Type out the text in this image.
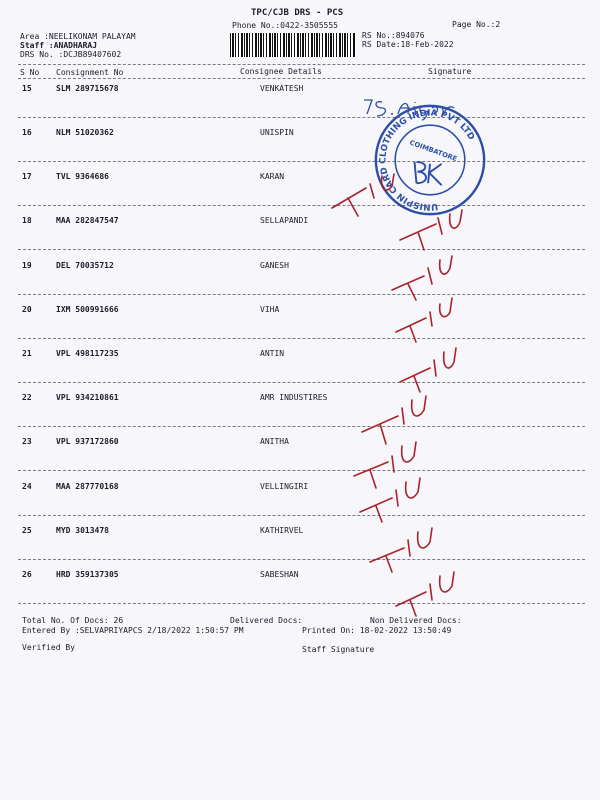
TPC/CJB DRS - PCS
Phone No.:0422-3505555	Page No.:2
Area :NEELIKONAM PALAYAM
Staff :ANADHARAJ
DRS No. :DCJB89407602
RS No.:894076
RS Date:18-Feb-2022
S No Consignment No	Consignee Details	Signature
15	SLM 289715678	VENKATESH
16	NLM 51020362	UNISPIN
17	TVL 9364686	KARAN
18	MAA 282847547	SELLAPANDI
19	DEL 70035712	GANESH
20	IXM 500991666	VIHA
21	VPL 498117235	ANTIN
22	VPL 934210861	AMR INDUSTIRES
23	VPL 937172860	ANITHA
24	MAA 287770168	VELLINGIRI
25	MYD 3013478	KATHIRVEL
26	HRD 359137305	SABESHAN
Total No. Of Docs: 26	Delivered Docs:	Non Delivered Docs:
Entered By :SELVAPRIYAPCS 2/18/2022 1:50:57 PM	Printed On: 18-02-2022 13:50:49
Verified By	Staff Signature
UNISPIN CARD CLOTHING INDIA PVT LTD
COIMBATORE
